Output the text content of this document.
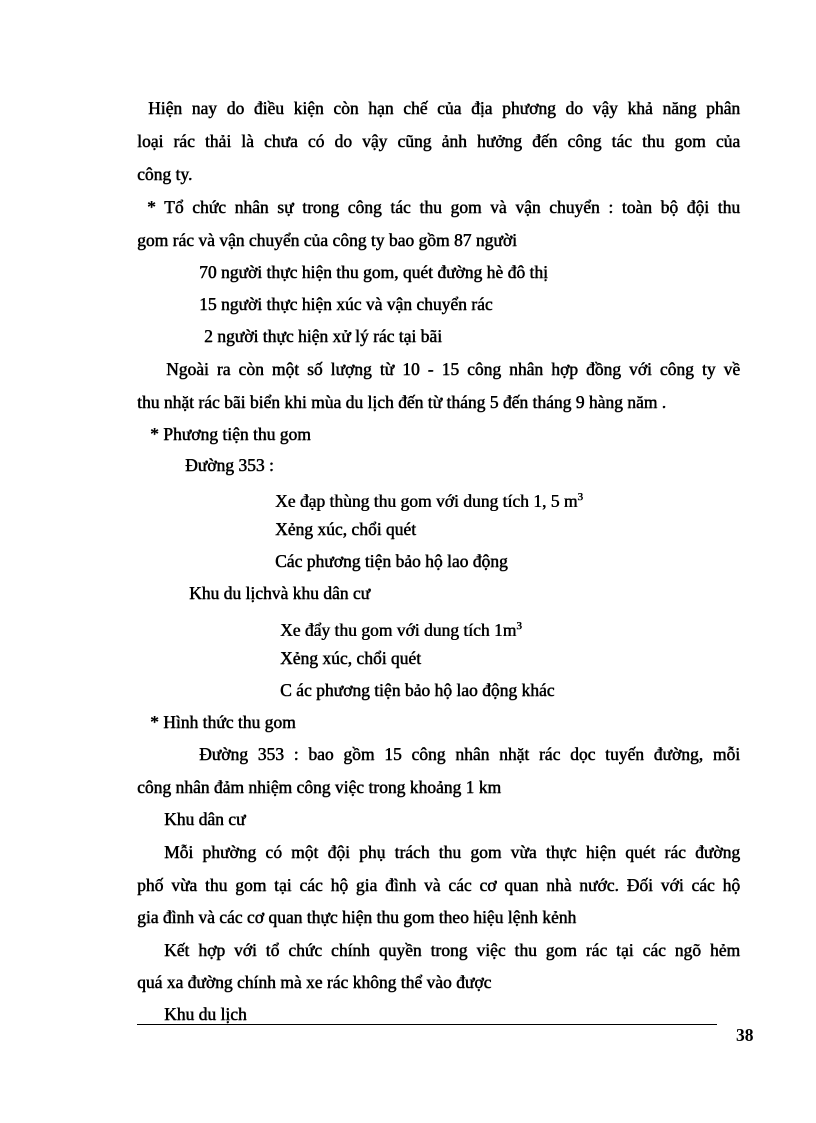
Hiện nay do điều kiện còn hạn chế của địa phương do vậy khả năng phân
loại rác thải là chưa có do vậy cũng ảnh hưởng đến công tác thu gom của
công ty.
* Tổ chức nhân sự trong công tác thu gom và vận chuyển : toàn bộ đội thu
gom rác và vận chuyển của công ty bao gồm 87 người
70 người thực hiện thu gom, quét đường hè đô thị
15 người thực hiện xúc và vận chuyển rác
2 người thực hiện xử lý rác tại bãi
Ngoài ra còn một số lượng từ 10 - 15 công nhân hợp đồng với công ty về
thu nhặt rác bãi biển khi mùa du lịch đến từ tháng 5 đến tháng 9 hàng năm .
* Phương tiện thu gom
Đường 353 :
Xe đạp thùng thu gom với dung tích 1, 5 $m^3$
Xẻng xúc, chổi quét
Các phương tiện bảo hộ lao động
Khu du lịchvà khu dân cư
Xe đẩy thu gom với dung tích $1m^3$
Xẻng xúc, chổi quét
C ác phương tiện bảo hộ lao động khác
* Hình thức thu gom
Đường 353 : bao gồm 15 công nhân nhặt rác dọc tuyến đường, mỗi
công nhân đảm nhiệm công việc trong khoảng 1 km
Khu dân cư
Mỗi phường có một đội phụ trách thu gom vừa thực hiện quét rác đường
phố vừa thu gom tại các hộ gia đình và các cơ quan nhà nước. Đối với các hộ
gia đình và các cơ quan thực hiện thu gom theo hiệu lệnh kẻnh
Kết hợp với tổ chức chính quyền trong việc thu gom rác tại các ngõ hẻm
quá xa đường chính mà xe rác không thể vào được
Khu du lịch
38
